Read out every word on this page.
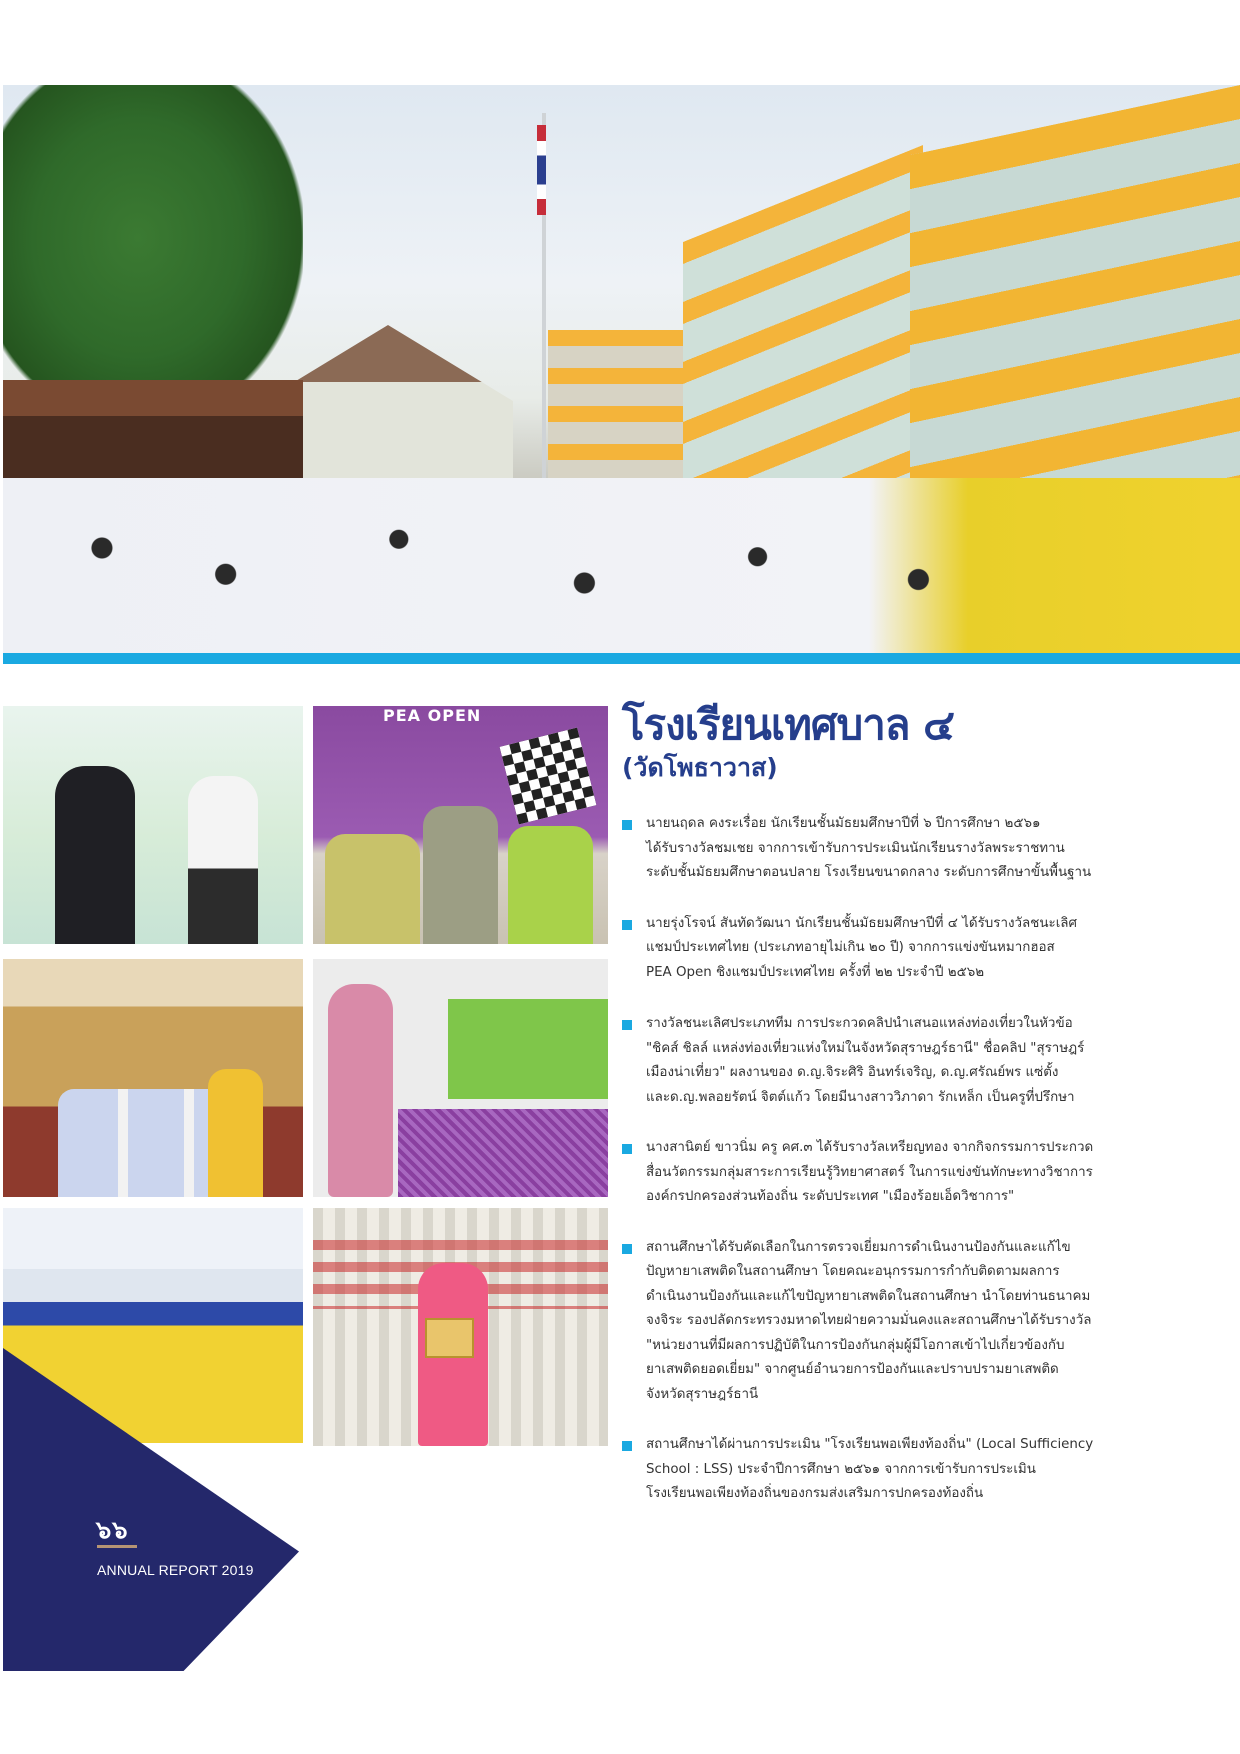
PEA OPEN
๖๖
ANNUAL REPORT 2019
โรงเรียนเทศบาล ๔
(วัดโพธาวาส)
นายนฤดล คงระเรื่อย นักเรียนชั้นมัธยมศึกษาปีที่ ๖ ปีการศึกษา ๒๕๖๑
ได้รับรางวัลชมเชย จากการเข้ารับการประเมินนักเรียนรางวัลพระราชทาน
ระดับชั้นมัธยมศึกษาตอนปลาย โรงเรียนขนาดกลาง ระดับการศึกษาขั้นพื้นฐาน
นายรุ่งโรจน์ สันทัดวัฒนา นักเรียนชั้นมัธยมศึกษาปีที่ ๔ ได้รับรางวัลชนะเลิศ
แชมป์ประเทศไทย (ประเภทอายุไม่เกิน ๒๐ ปี) จากการแข่งขันหมากฮอส
PEA Open ชิงแชมป์ประเทศไทย ครั้งที่ ๒๒ ประจำปี ๒๕๖๒
รางวัลชนะเลิศประเภททีม การประกวดคลิปนำเสนอแหล่งท่องเที่ยวในหัวข้อ
"ชิคส์ ชิลล์ แหล่งท่องเที่ยวแห่งใหม่ในจังหวัดสุราษฎร์ธานี" ชื่อคลิป "สุราษฎร์
เมืองน่าเที่ยว" ผลงานของ ด.ญ.จิระศิริ อินทร์เจริญ, ด.ญ.ศรัณย์พร แซ่ตั้ง
และด.ญ.พลอยรัตน์ จิตต์แก้ว โดยมีนางสาววิภาดา รักเหล็ก เป็นครูที่ปรึกษา
นางสานิตย์ ขาวนิ่ม ครู คศ.๓ ได้รับรางวัลเหรียญทอง จากกิจกรรมการประกวด
สื่อนวัตกรรมกลุ่มสาระการเรียนรู้วิทยาศาสตร์ ในการแข่งขันทักษะทางวิชาการ
องค์กรปกครองส่วนท้องถิ่น ระดับประเทศ "เมืองร้อยเอ็ดวิชาการ"
สถานศึกษาได้รับคัดเลือกในการตรวจเยี่ยมการดำเนินงานป้องกันและแก้ไข
ปัญหายาเสพติดในสถานศึกษา โดยคณะอนุกรรมการกำกับติดตามผลการ
ดำเนินงานป้องกันและแก้ไขปัญหายาเสพติดในสถานศึกษา นำโดยท่านธนาคม
จงจิระ รองปลัดกระทรวงมหาดไทยฝ่ายความมั่นคงและสถานศึกษาได้รับรางวัล
"หน่วยงานที่มีผลการปฏิบัติในการป้องกันกลุ่มผู้มีโอกาสเข้าไปเกี่ยวข้องกับ
ยาเสพติดยอดเยี่ยม" จากศูนย์อำนวยการป้องกันและปราบปรามยาเสพติด
จังหวัดสุราษฎร์ธานี
สถานศึกษาได้ผ่านการประเมิน "โรงเรียนพอเพียงท้องถิ่น" (Local Sufficiency
School : LSS) ประจำปีการศึกษา ๒๕๖๑ จากการเข้ารับการประเมิน
โรงเรียนพอเพียงท้องถิ่นของกรมส่งเสริมการปกครองท้องถิ่น
